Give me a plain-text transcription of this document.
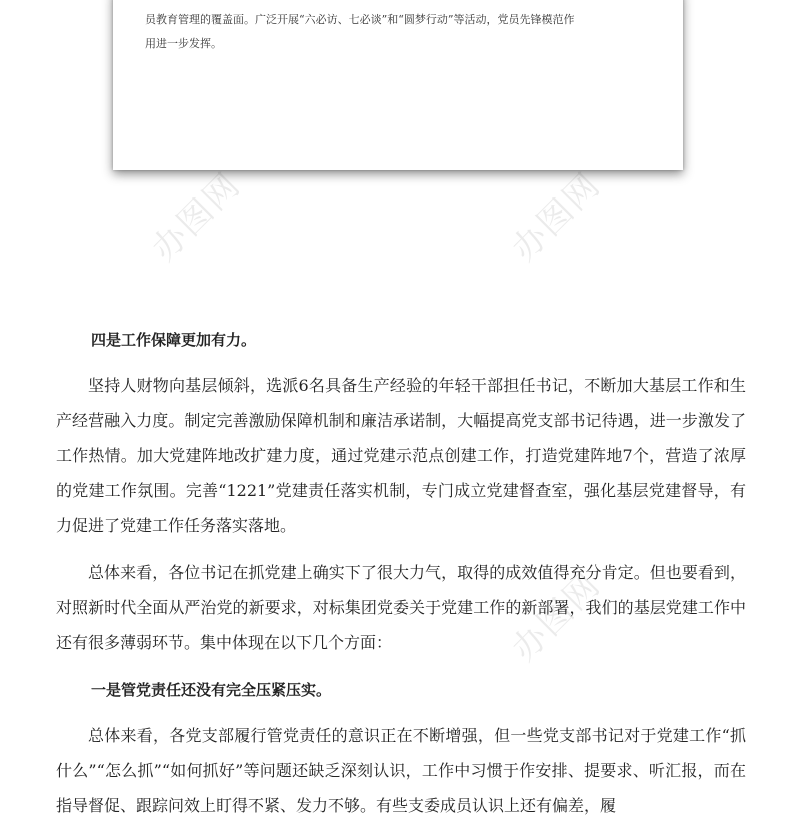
员教育管理的覆盖面。广泛开展“六必访、七必谈”和“圆梦行动”等活动，党员先锋模范作
用进一步发挥。
办图网	办图网
办图网
四是工作保障更加有力。

坚持人财物向基层倾斜，选派6名具备生产经验的年轻干部担任书记，不断加大基层工作和生产经营融入力度。制定完善激励保障机制和廉洁承诺制，大幅提高党支部书记待遇，进一步激发了工作热情。加大党建阵地改扩建力度，通过党建示范点创建工作，打造党建阵地7个，营造了浓厚的党建工作氛围。完善“1221”党建责任落实机制，专门成立党建督查室，强化基层党建督导，有力促进了党建工作任务落实落地。

总体来看，各位书记在抓党建上确实下了很大力气，取得的成效值得充分肯定。但也要看到，对照新时代全面从严治党的新要求，对标集团党委关于党建工作的新部署，我们的基层党建工作中还有很多薄弱环节。集中体现在以下几个方面：

一是管党责任还没有完全压紧压实。

总体来看，各党支部履行管党责任的意识正在不断增强，但一些党支部书记对于党建工作“抓什么”“怎么抓”“如何抓好”等问题还缺乏深刻认识，工作中习惯于作安排、提要求、听汇报，而在指导督促、跟踪问效上盯得不紧、发力不够。有些支委成员认识上还有偏差，履
